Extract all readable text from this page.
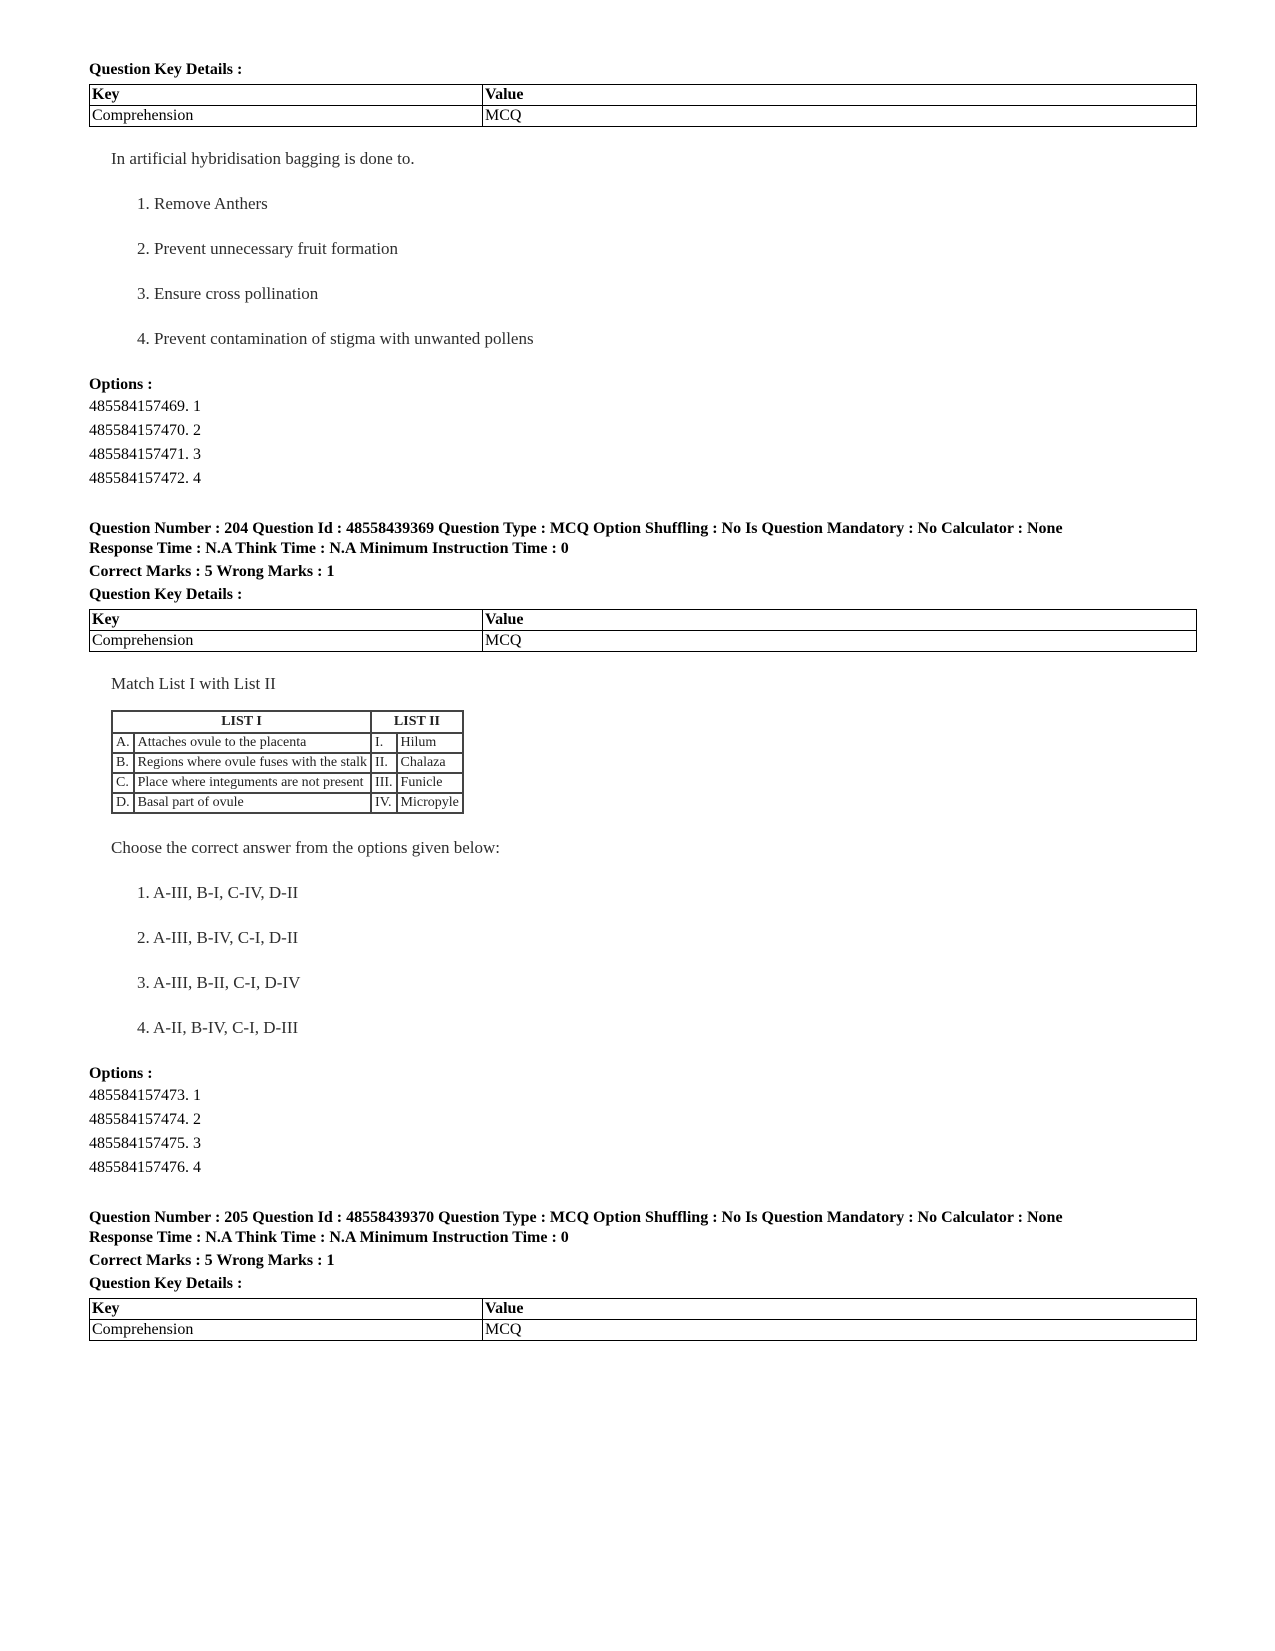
Question Key Details :
Key	Value
Comprehension	MCQ
In artificial hybridisation bagging is done to.
1. Remove Anthers
2. Prevent unnecessary fruit formation
3. Ensure cross pollination
4. Prevent contamination of stigma with unwanted pollens
Options :
485584157469. 1
485584157470. 2
485584157471. 3
485584157472. 4
Question Number : 204 Question Id : 48558439369 Question Type : MCQ Option Shuffling : No Is Question Mandatory : No Calculator : None
Response Time : N.A Think Time : N.A Minimum Instruction Time : 0
Correct Marks : 5 Wrong Marks : 1
Question Key Details :
Key	Value
Comprehension	MCQ
Match List I with List II
LIST I		LIST II	
A.	Attaches ovule to the placenta	I.	Hilum
B.	Regions where ovule fuses with the stalk	II.	Chalaza
C.	Place where integuments are not present	III.	Funicle
D.	Basal part of ovule	IV.	Micropyle
Choose the correct answer from the options given below:
1. A-III, B-I, C-IV, D-II
2. A-III, B-IV, C-I, D-II
3. A-III, B-II, C-I, D-IV
4. A-II, B-IV, C-I, D-III
Options :
485584157473. 1
485584157474. 2
485584157475. 3
485584157476. 4
Question Number : 205 Question Id : 48558439370 Question Type : MCQ Option Shuffling : No Is Question Mandatory : No Calculator : None
Response Time : N.A Think Time : N.A Minimum Instruction Time : 0
Correct Marks : 5 Wrong Marks : 1
Question Key Details :
Key	Value
Comprehension	MCQ
